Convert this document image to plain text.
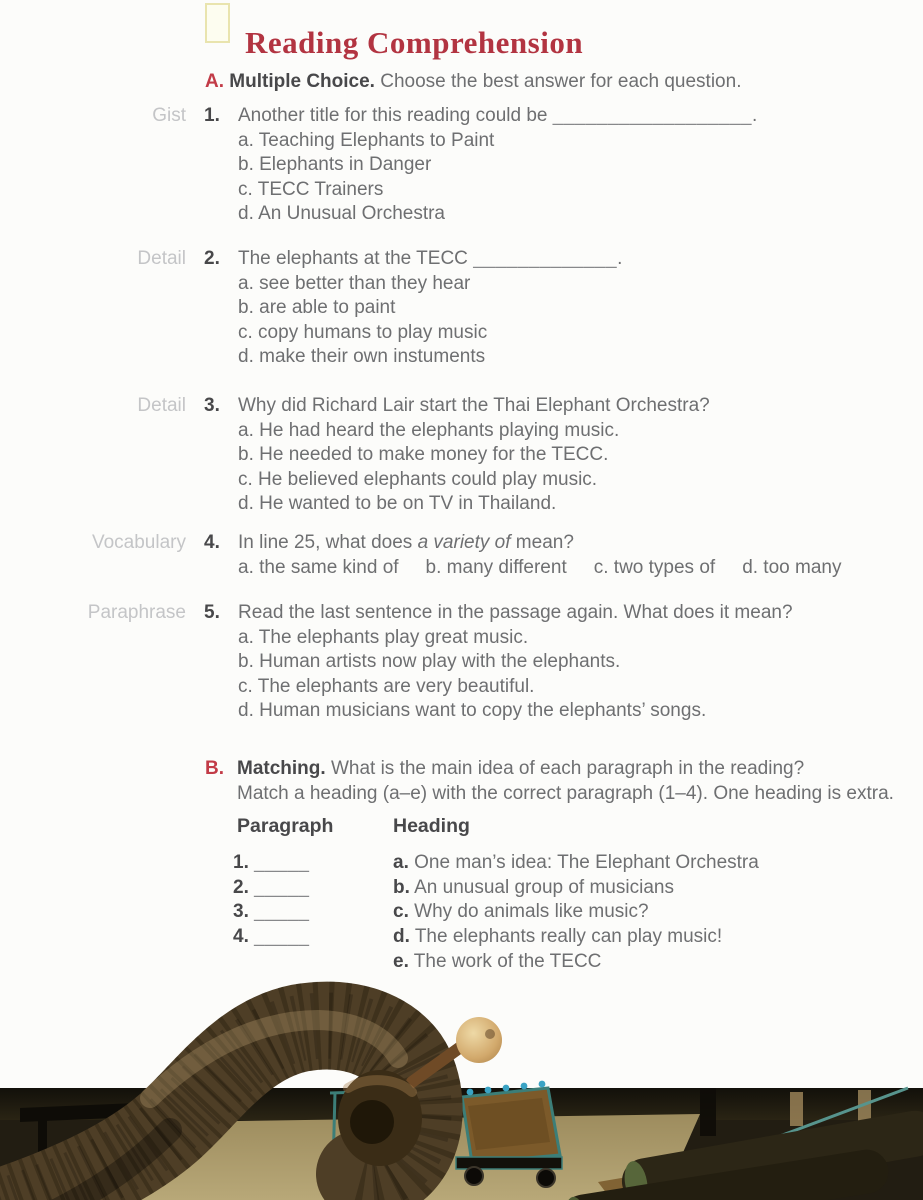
Reading Comprehension
A. Multiple Choice. Choose the best answer for each question.
Gist 1. Another title for this reading could be __________________.
a. Teaching Elephants to Paint
b. Elephants in Danger
c. TECC Trainers
d. An Unusual Orchestra
Detail 2. The elephants at the TECC _____________.
a. see better than they hear
b. are able to paint
c. copy humans to play music
d. make their own instuments
Detail 3. Why did Richard Lair start the Thai Elephant Orchestra?
a. He had heard the elephants playing music.
b. He needed to make money for the TECC.
c. He believed elephants could play music.
d. He wanted to be on TV in Thailand.
Vocabulary 4. In line 25, what does a variety of mean?
a. the same kind of b. many different c. two types of d. too many
Paraphrase 5. Read the last sentence in the passage again. What does it mean?
a. The elephants play great music.
b. Human artists now play with the elephants.
c. The elephants are very beautiful.
d. Human musicians want to copy the elephants’ songs.
B. Matching. What is the main idea of each paragraph in the reading?
Match a heading (a–e) with the correct paragraph (1–4). One heading is extra.
Paragraph	Heading
1. _____
2. _____
3. _____
4. _____
a. One man’s idea: The Elephant Orchestra
b. An unusual group of musicians
c. Why do animals like music?
d. The elephants really can play music!
e. The work of the TECC
